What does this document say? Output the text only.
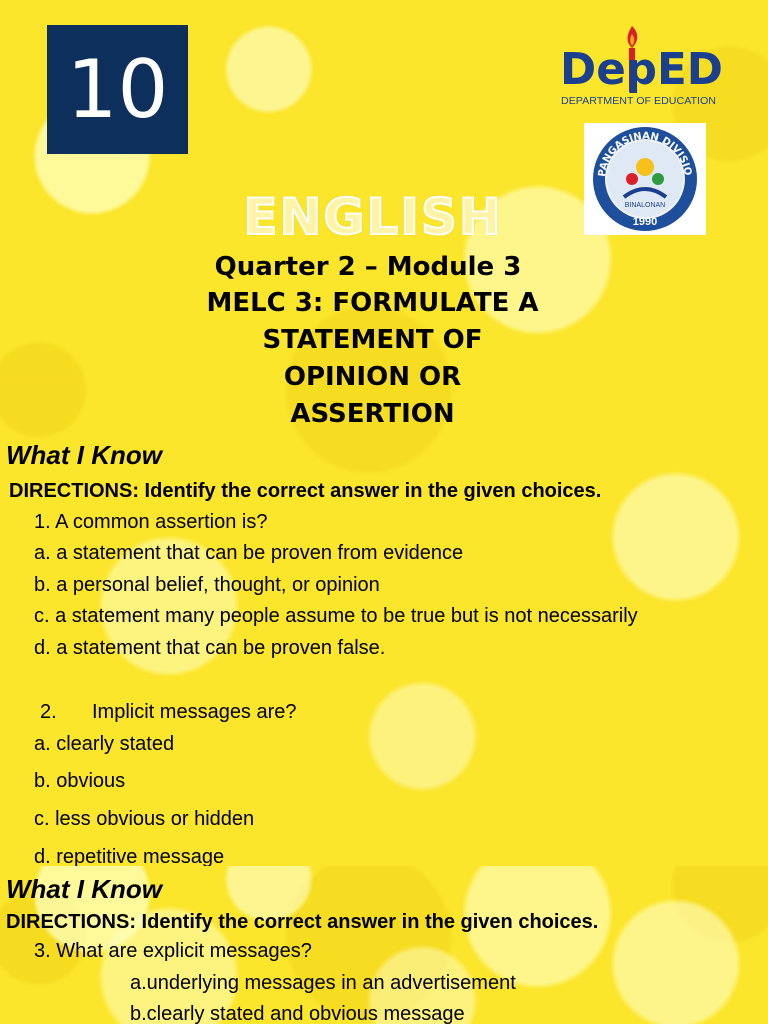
10	DepED
DEPARTMENT OF EDUCATION
PANGASINAN DIVISIO
BINALONAN
1990
ENGLISH
Quarter 2 – Module 3
MELC 3: FORMULATE A
STATEMENT OF
OPINION OR
ASSERTION
What I Know
DIRECTIONS: Identify the correct answer in the given choices.
1. A common assertion is?
a. a statement that can be proven from evidence
b. a personal belief, thought, or opinion
c. a statement many people assume to be true but is not necessarily
d. a statement that can be proven false.
2. Implicit messages are?
a. clearly stated
b. obvious
c. less obvious or hidden
d. repetitive message
What I Know
DIRECTIONS: Identify the correct answer in the given choices.
3. What are explicit messages?
a.underlying messages in an advertisement
b.clearly stated and obvious message
